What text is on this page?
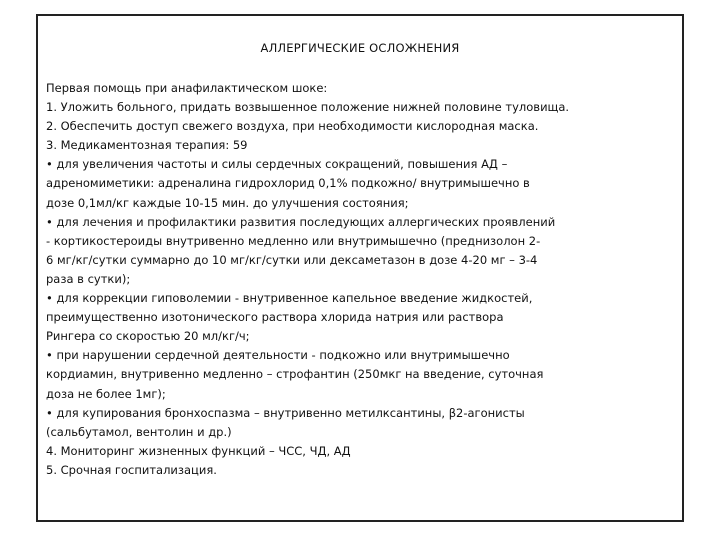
АЛЛЕРГИЧЕСКИЕ ОСЛОЖНЕНИЯ
Первая помощь при анафилактическом шоке:
1. Уложить больного, придать возвышенное положение нижней половине туловища.
2. Обеспечить доступ свежего воздуха, при необходимости кислородная маска.
3. Медикаментозная терапия: 59
• для увеличения частоты и силы сердечных сокращений, повышения АД –
адреномиметики: адреналина гидрохлорид 0,1% подкожно/ внутримышечно в
дозе 0,1мл/кг каждые 10-15 мин. до улучшения состояния;
• для лечения и профилактики развития последующих аллергических проявлений
- кортикостероиды внутривенно медленно или внутримышечно (преднизолон 2-
6 мг/кг/сутки суммарно до 10 мг/кг/сутки или дексаметазон в дозе 4-20 мг – 3-4
раза в сутки);
• для коррекции гиповолемии - внутривенное капельное введение жидкостей,
преимущественно изотонического раствора хлорида натрия или раствора
Рингера со скоростью 20 мл/кг/ч;
• при нарушении сердечной деятельности - подкожно или внутримышечно
кордиамин, внутривенно медленно – строфантин (250мкг на введение, суточная
доза не более 1мг);
• для купирования бронхоспазма – внутривенно метилксантины, β2-агонисты
(сальбутамол, вентолин и др.)
4. Мониторинг жизненных функций – ЧСС, ЧД, АД
5. Срочная госпитализация.
